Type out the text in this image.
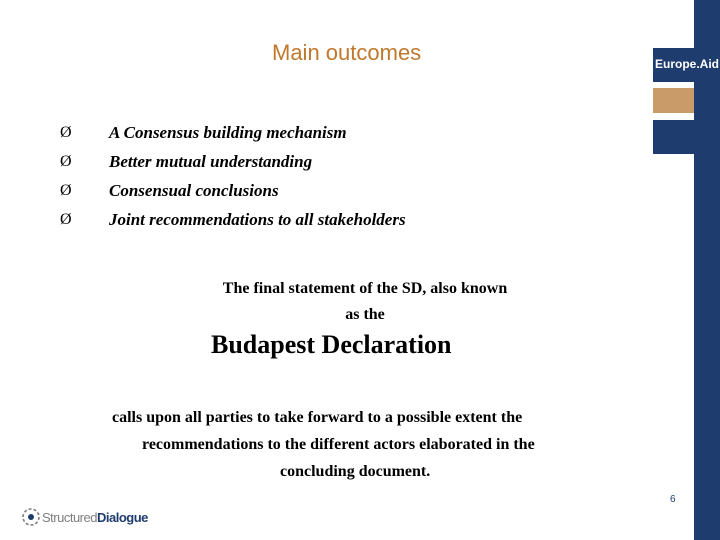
Europe.Aid
Main outcomes
Ø	A Consensus building mechanism
Ø	Better mutual understanding
Ø	Consensual conclusions
Ø	Joint recommendations to all stakeholders
The final statement of the SD, also known
as the
Budapest Declaration
calls upon all parties to take forward to a possible extent the
recommendations to the different actors elaborated in the
concluding document.
6
Structured Dialogue
